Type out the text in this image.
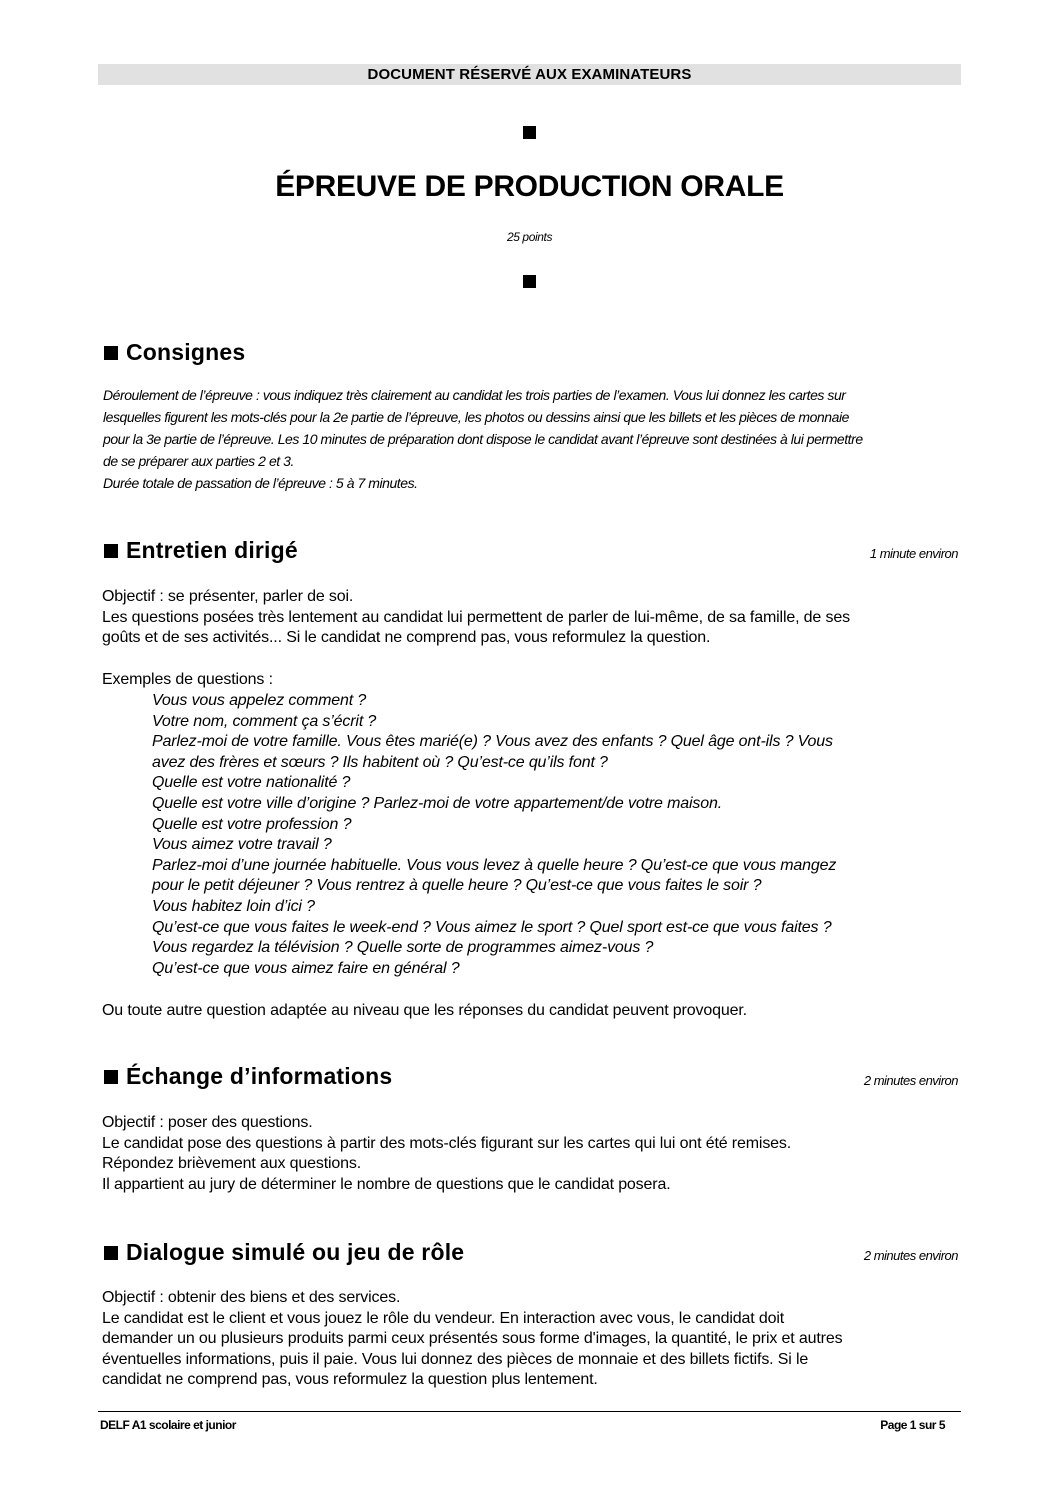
DOCUMENT RÉSERVÉ AUX EXAMINATEURS
ÉPREUVE DE PRODUCTION ORALE
25 points
Consignes

Déroulement de l’épreuve : vous indiquez très clairement au candidat les trois parties de l’examen. Vous lui donnez les cartes sur

lesquelles figurent les mots-clés pour la 2e partie de l’épreuve, les photos ou dessins ainsi que les billets et les pièces de monnaie

pour la 3e partie de l’épreuve. Les 10 minutes de préparation dont dispose le candidat avant l’épreuve sont destinées à lui permettre

de se préparer aux parties 2 et 3.

Durée totale de passation de l’épreuve : 5 à 7 minutes.

Entretien dirigé	1 minute environ

Objectif : se présenter, parler de soi.

Les questions posées très lentement au candidat lui permettent de parler de lui-même, de sa famille, de ses

goûts et de ses activités... Si le candidat ne comprend pas, vous reformulez la question.

Exemples de questions :

Vous vous appelez comment ?

Votre nom, comment ça s’écrit ?

Parlez-moi de votre famille. Vous êtes marié(e) ? Vous avez des enfants ? Quel âge ont-ils ? Vous

avez des frères et sœurs ? Ils habitent où ? Qu’est-ce qu’ils font ?

Quelle est votre nationalité ?

Quelle est votre ville d’origine ? Parlez-moi de votre appartement/de votre maison.

Quelle est votre profession ?

Vous aimez votre travail ?

Parlez-moi d’une journée habituelle. Vous vous levez à quelle heure ? Qu’est-ce que vous mangez

pour le petit déjeuner ? Vous rentrez à quelle heure ? Qu’est-ce que vous faites le soir ?

Vous habitez loin d’ici ?

Qu’est-ce que vous faites le week-end ? Vous aimez le sport ? Quel sport est-ce que vous faites ?

Vous regardez la télévision ? Quelle sorte de programmes aimez-vous ?

Qu’est-ce que vous aimez faire en général ?

Ou toute autre question adaptée au niveau que les réponses du candidat peuvent provoquer.
Échange d’informations	2 minutes environ

Objectif : poser des questions.

Le candidat pose des questions à partir des mots-clés figurant sur les cartes qui lui ont été remises.

Répondez brièvement aux questions.

Il appartient au jury de déterminer le nombre de questions que le candidat posera.

Dialogue simulé ou jeu de rôle	2 minutes environ

Objectif : obtenir des biens et des services.

Le candidat est le client et vous jouez le rôle du vendeur. En interaction avec vous, le candidat doit

demander un ou plusieurs produits parmi ceux présentés sous forme d'images, la quantité, le prix et autres

éventuelles informations, puis il paie. Vous lui donnez des pièces de monnaie et des billets fictifs. Si le

candidat ne comprend pas, vous reformulez la question plus lentement.

DELF A1 scolaire et junior	Page 1 sur 5
